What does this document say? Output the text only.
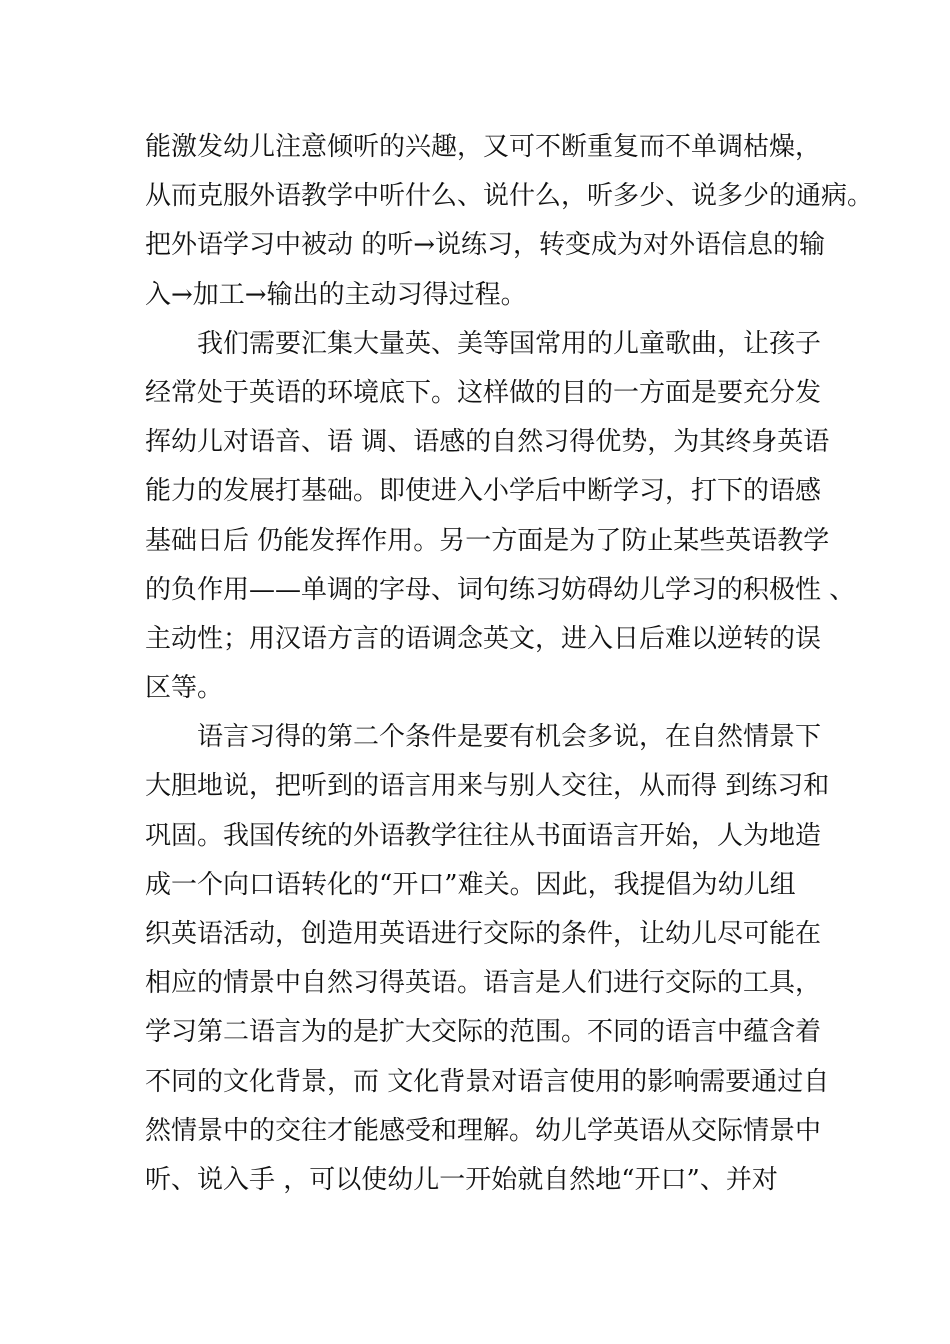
能激发幼儿注意倾听的兴趣，又可不断重复而不单调枯燥，
从而克服外语教学中听什么、说什么，听多少、说多少的通病。
把外语学习中被动 的听→说练习，转变成为对外语信息的输
入→加工→输出的主动习得过程。
我们需要汇集大量英、美等国常用的儿童歌曲，让孩子
经常处于英语的环境底下。这样做的目的一方面是要充分发
挥幼儿对语音、语 调、语感的自然习得优势，为其终身英语
能力的发展打基础。即使进入小学后中断学习，打下的语感
基础日后 仍能发挥作用。另一方面是为了防止某些英语教学
的负作用——单调的字母、词句练习妨碍幼儿学习的积极性 、
主动性；用汉语方言的语调念英文，进入日后难以逆转的误
区等。
语言习得的第二个条件是要有机会多说，在自然情景下
大胆地说，把听到的语言用来与别人交往，从而得 到练习和
巩固。我国传统的外语教学往往从书面语言开始，人为地造
成一个向口语转化的“开口”难关。因此，我提倡为幼儿组
织英语活动，创造用英语进行交际的条件，让幼儿尽可能在
相应的情景中自然习得英语。语言是人们进行交际的工具，
学习第二语言为的是扩大交际的范围。不同的语言中蕴含着
不同的文化背景，而 文化背景对语言使用的影响需要通过自
然情景中的交往才能感受和理解。幼儿学英语从交际情景中
听、说入手 ，可以使幼儿一开始就自然地“开口”、并对
